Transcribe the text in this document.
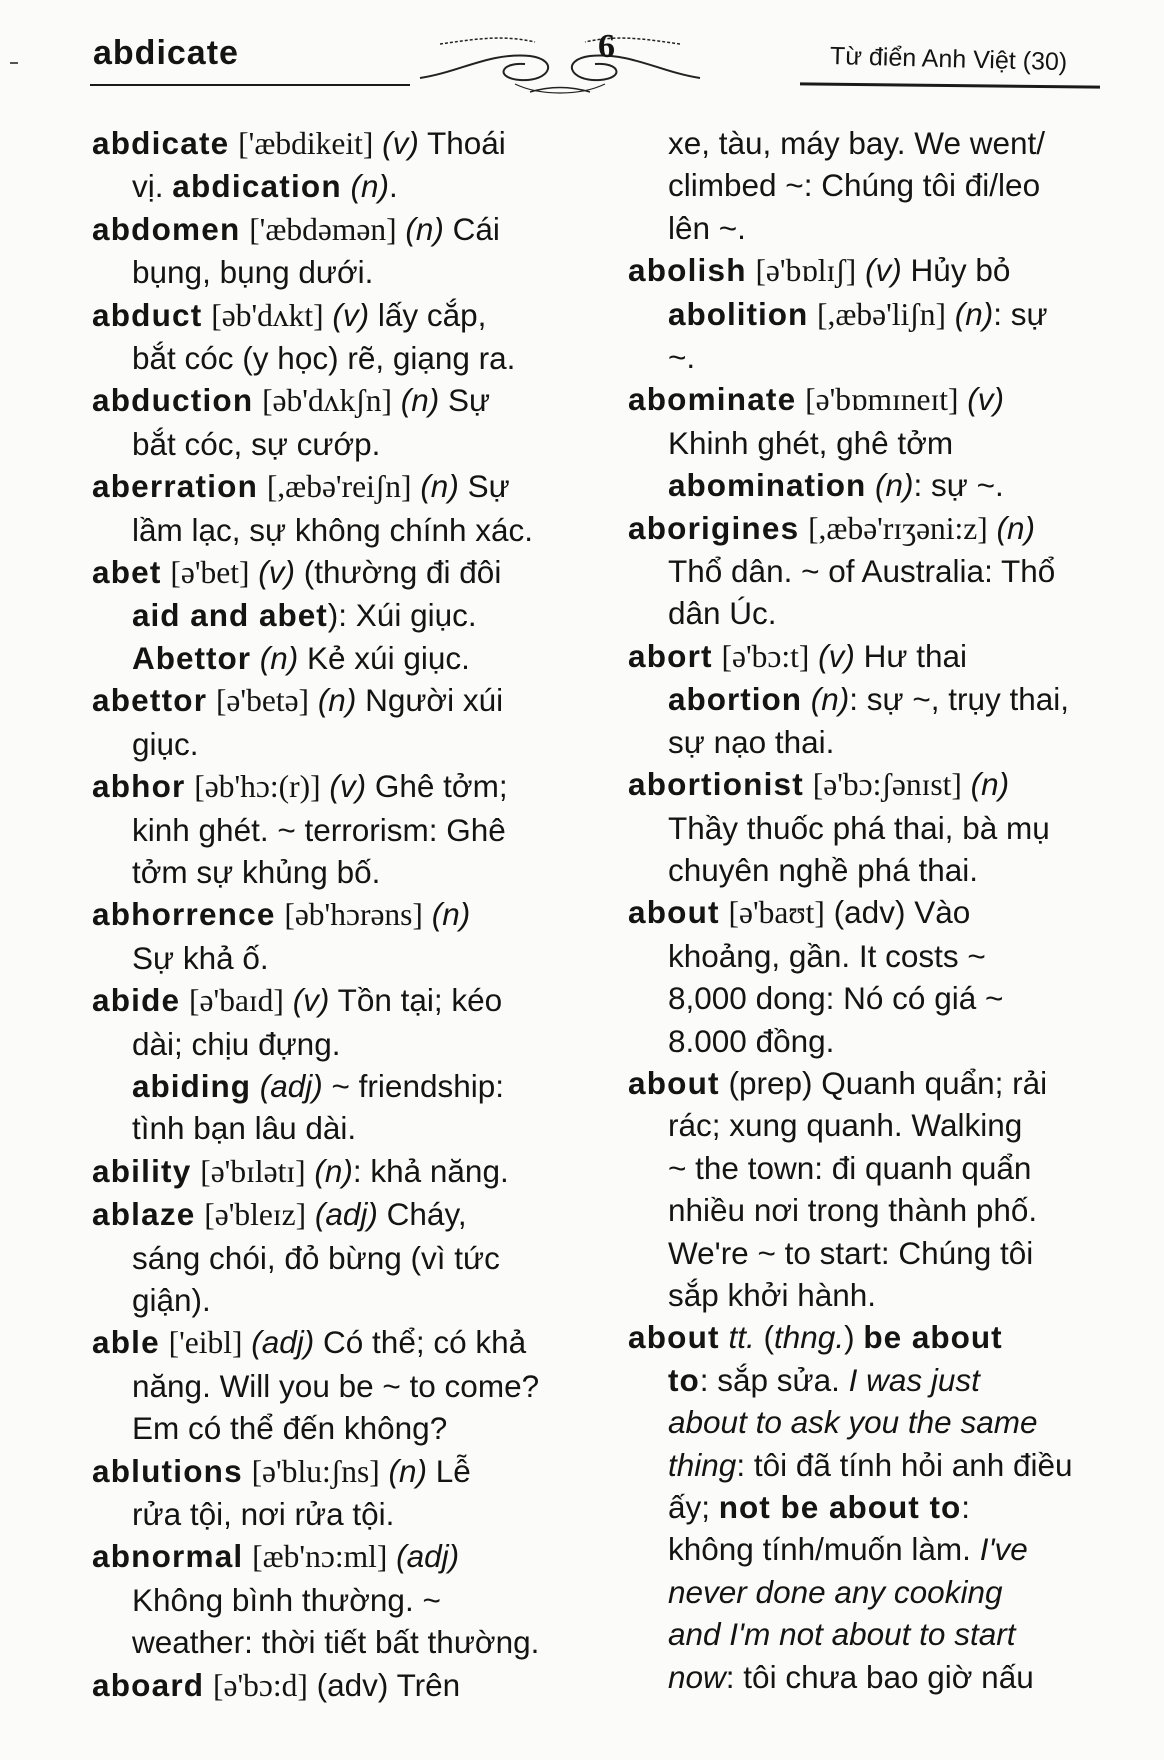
abdicate	6	Từ điển Anh Việt (30)
abdicate ['æbdikeit] (v) Thoái
vị. abdication (n).
abdomen ['æbdəmən] (n) Cái
bụng, bụng dưới.
abduct [əb'dʌkt] (v) lấy cắp,
bắt cóc (y học) rẽ, giạng ra.
abduction [əb'dʌkʃn] (n) Sự
bắt cóc, sự cướp.
aberration [,æbə'reiʃn] (n) Sự
lầm lạc, sự không chính xác.
abet [ə'bet] (v) (thường đi đôi
aid and abet): Xúi giục.
Abettor (n) Kẻ xúi giục.
abettor [ə'betə] (n) Người xúi
giục.
abhor [əb'hɔ:(r)] (v) Ghê tởm;
kinh ghét. ~ terrorism: Ghê
tởm sự khủng bố.
abhorrence [əb'hɔrəns] (n)
Sự khả ố.
abide [ə'baɪd] (v) Tồn tại; kéo
dài; chịu đựng.
abiding (adj) ~ friendship:
tình bạn lâu dài.
ability [ə'bɪlətɪ] (n): khả năng.
ablaze [ə'bleɪz] (adj) Cháy,
sáng chói, đỏ bừng (vì tức
giận).
able ['eibl] (adj) Có thể; có khả
năng. Will you be ~ to come?
Em có thể đến không?
ablutions [ə'blu:ʃns] (n) Lễ
rửa tội, nơi rửa tội.
abnormal [æb'nɔ:ml] (adj)
Không bình thường. ~
weather: thời tiết bất thường.
aboard [ə'bɔ:d] (adv) Trên
xe, tàu, máy bay. We went/
climbed ~: Chúng tôi đi/leo
lên ~.
abolish [ə'bɒlɪʃ] (v) Hủy bỏ
abolition [,æbə'liʃn] (n): sự
~.
abominate [ə'bɒmɪneɪt] (v)
Khinh ghét, ghê tởm
abomination (n): sự ~.
aborigines [,æbə'rɪʒəni:z] (n)
Thổ dân. ~ of Australia: Thổ
dân Úc.
abort [ə'bɔ:t] (v) Hư thai
abortion (n): sự ~, trụy thai,
sự nạo thai.
abortionist [ə'bɔ:ʃənɪst] (n)
Thầy thuốc phá thai, bà mụ
chuyên nghề phá thai.
about [ə'baʊt] (adv) Vào
khoảng, gần. It costs ~
8,000 dong: Nó có giá ~
8.000 đồng.
about (prep) Quanh quẩn; rải
rác; xung quanh. Walking
~ the town: đi quanh quẩn
nhiều nơi trong thành phố.
We're ~ to start: Chúng tôi
sắp khởi hành.
about tt. (thng.) be about
to: sắp sửa. I was just
about to ask you the same
thing: tôi đã tính hỏi anh điều
ấy; not be about to:
không tính/muốn làm. I've
never done any cooking
and I'm not about to start
now: tôi chưa bao giờ nấu
